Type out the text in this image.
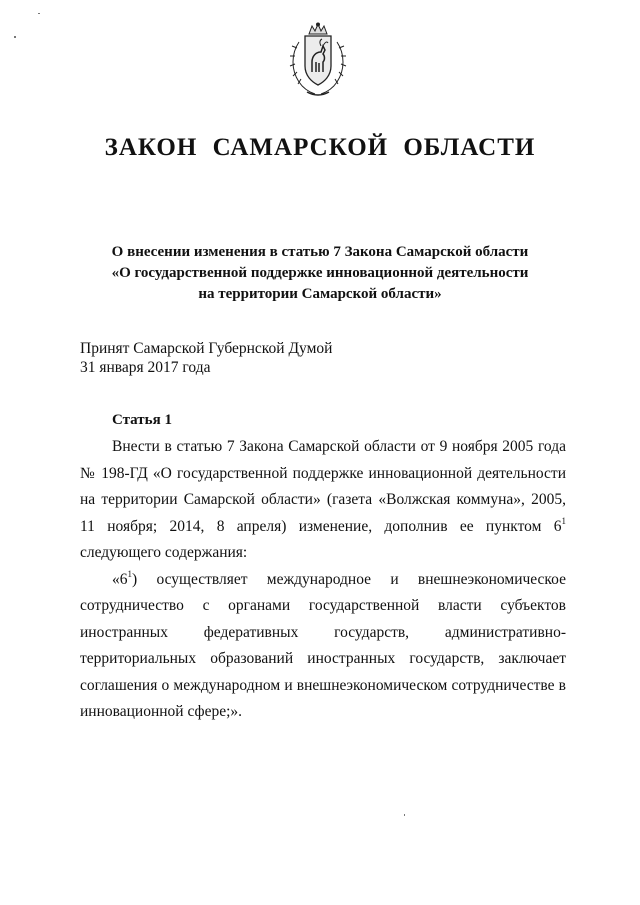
ЗАКОН САМАРСКОЙ ОБЛАСТИ
О внесении изменения в статью 7 Закона Самарской области
«О государственной поддержке инновационной деятельности
на территории Самарской области»
Принят Самарской Губернской Думой
31 января 2017 года
Статья 1

Внести в статью 7 Закона Самарской области от 9 ноября 2005 года № 198-ГД «О государственной поддержке инновационной деятельности на территории Самарской области» (газета «Волжская коммуна», 2005, 11 ноября; 2014, 8 апреля) изменение, дополнив ее пунктом $6^1$ следующего содержания:

«$6^1$) осуществляет международное и внешнеэкономическое сотрудничество с органами государственной власти субъектов иностранных федеративных государств, административно-территориальных образований иностранных государств, заключает соглашения о международном и внешнеэкономическом сотрудничестве в инновационной сфере;».
